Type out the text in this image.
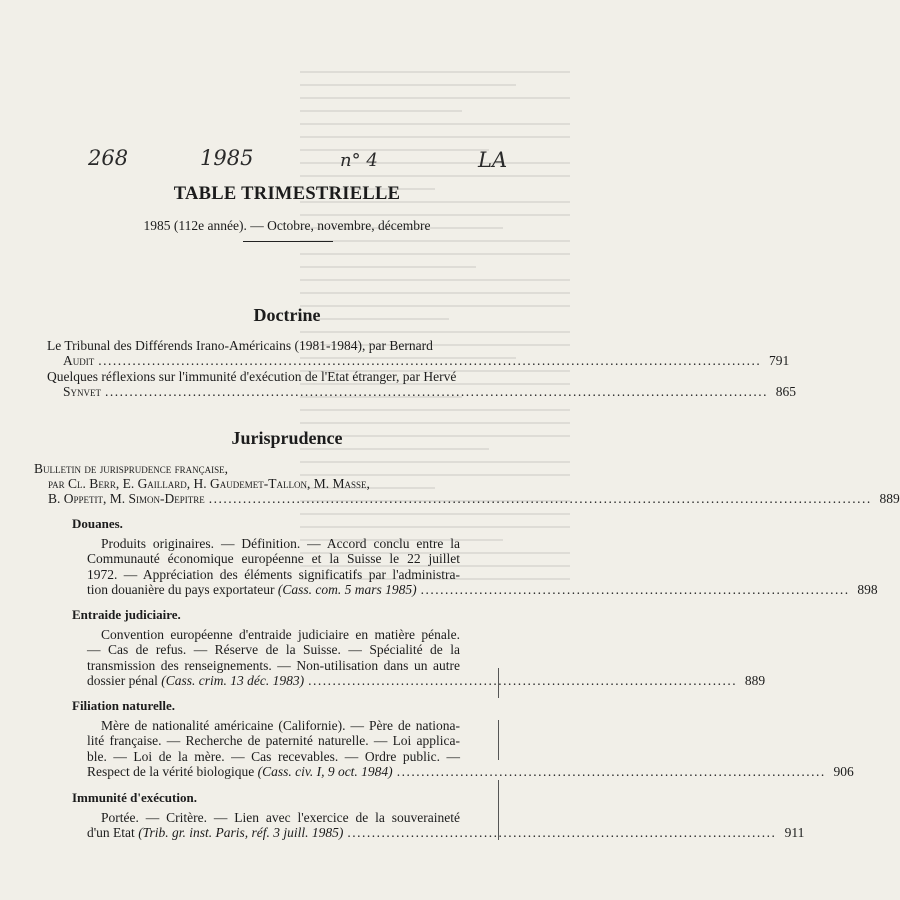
268	1985	n° 4	LA
TABLE TRIMESTRIELLE
1985 (112e année). — Octobre, novembre, décembre
Doctrine
Le Tribunal des Différends Irano-Américains (1981-1984), par Bernard
Audit ........................................................................................................................................ 791
Quelques réflexions sur l'immunité d'exécution de l'Etat étranger, par Hervé
Synvet ........................................................................................................................................ 865
Jurisprudence
Bulletin de jurisprudence française,
par Cl. Berr, E. Gaillard, H. Gaudemet-Tallon, M. Masse,
B. Oppetit, M. Simon-Depitre ........................................................................................................................................ 889
Douanes.
Produits originaires. — Définition. — Accord conclu entre la
Communauté économique européenne et la Suisse le 22 juillet
1972. — Appréciation des éléments significatifs par l'administra-
tion douanière du pays exportateur
(Cass. com. 5 mars 1985) ........................................................................................ 898
Entraide judiciaire.
Convention européenne d'entraide judiciaire en matière pénale.
— Cas de refus. — Réserve de la Suisse. — Spécialité de la
transmission des renseignements. — Non-utilisation dans un autre
dossier pénal
(Cass. crim. 13 déc. 1983) ........................................................................................ 889
Filiation naturelle.
Mère de nationalité américaine (Californie). — Père de nationa-
lité française. — Recherche de paternité naturelle. — Loi applica-
ble. — Loi de la mère. — Cas recevables. — Ordre public. —
Respect de la vérité biologique
(Cass. civ. I, 9 oct. 1984) ........................................................................................ 906
Immunité d'exécution.
Portée. — Critère. — Lien avec l'exercice de la souveraineté
d'un Etat
(Trib. gr. inst. Paris, réf. 3 juill. 1985) ........................................................................................ 911
